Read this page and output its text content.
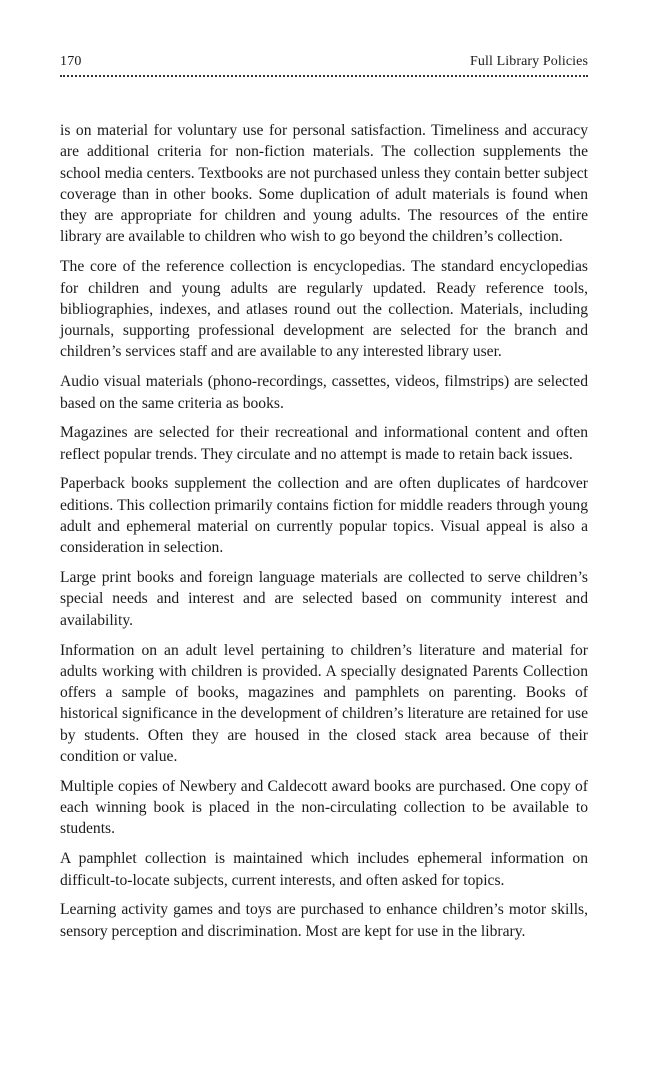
170	Full Library Policies

is on material for voluntary use for personal satisfaction. Timeliness and accuracy are additional criteria for non-fiction materials. The collection supplements the school media centers. Textbooks are not purchased unless they contain better subject coverage than in other books. Some duplication of adult materials is found when they are appropriate for children and young adults. The resources of the entire library are available to children who wish to go beyond the children’s collection.

The core of the reference collection is encyclopedias. The standard encyclopedias for children and young adults are regularly updated. Ready reference tools, bibliographies, indexes, and atlases round out the collection. Materials, including journals, supporting professional development are selected for the branch and children’s services staff and are available to any interested library user.

Audio visual materials (phono-recordings, cassettes, videos, filmstrips) are selected based on the same criteria as books.

Magazines are selected for their recreational and informational content and often reflect popular trends. They circulate and no attempt is made to retain back issues.

Paperback books supplement the collection and are often duplicates of hardcover editions. This collection primarily contains fiction for middle readers through young adult and ephemeral material on currently popular topics. Visual appeal is also a consideration in selection.

Large print books and foreign language materials are collected to serve children’s special needs and interest and are selected based on community interest and availability.

Information on an adult level pertaining to children’s literature and material for adults working with children is provided. A specially designated Parents Collection offers a sample of books, magazines and pamphlets on parenting. Books of historical significance in the development of children’s literature are retained for use by students. Often they are housed in the closed stack area because of their condition or value.

Multiple copies of Newbery and Caldecott award books are purchased. One copy of each winning book is placed in the non-circulating collection to be available to students.

A pamphlet collection is maintained which includes ephemeral information on difficult-to-locate subjects, current interests, and often asked for topics.

Learning activity games and toys are purchased to enhance children’s motor skills, sensory perception and discrimination. Most are kept for use in the library.
